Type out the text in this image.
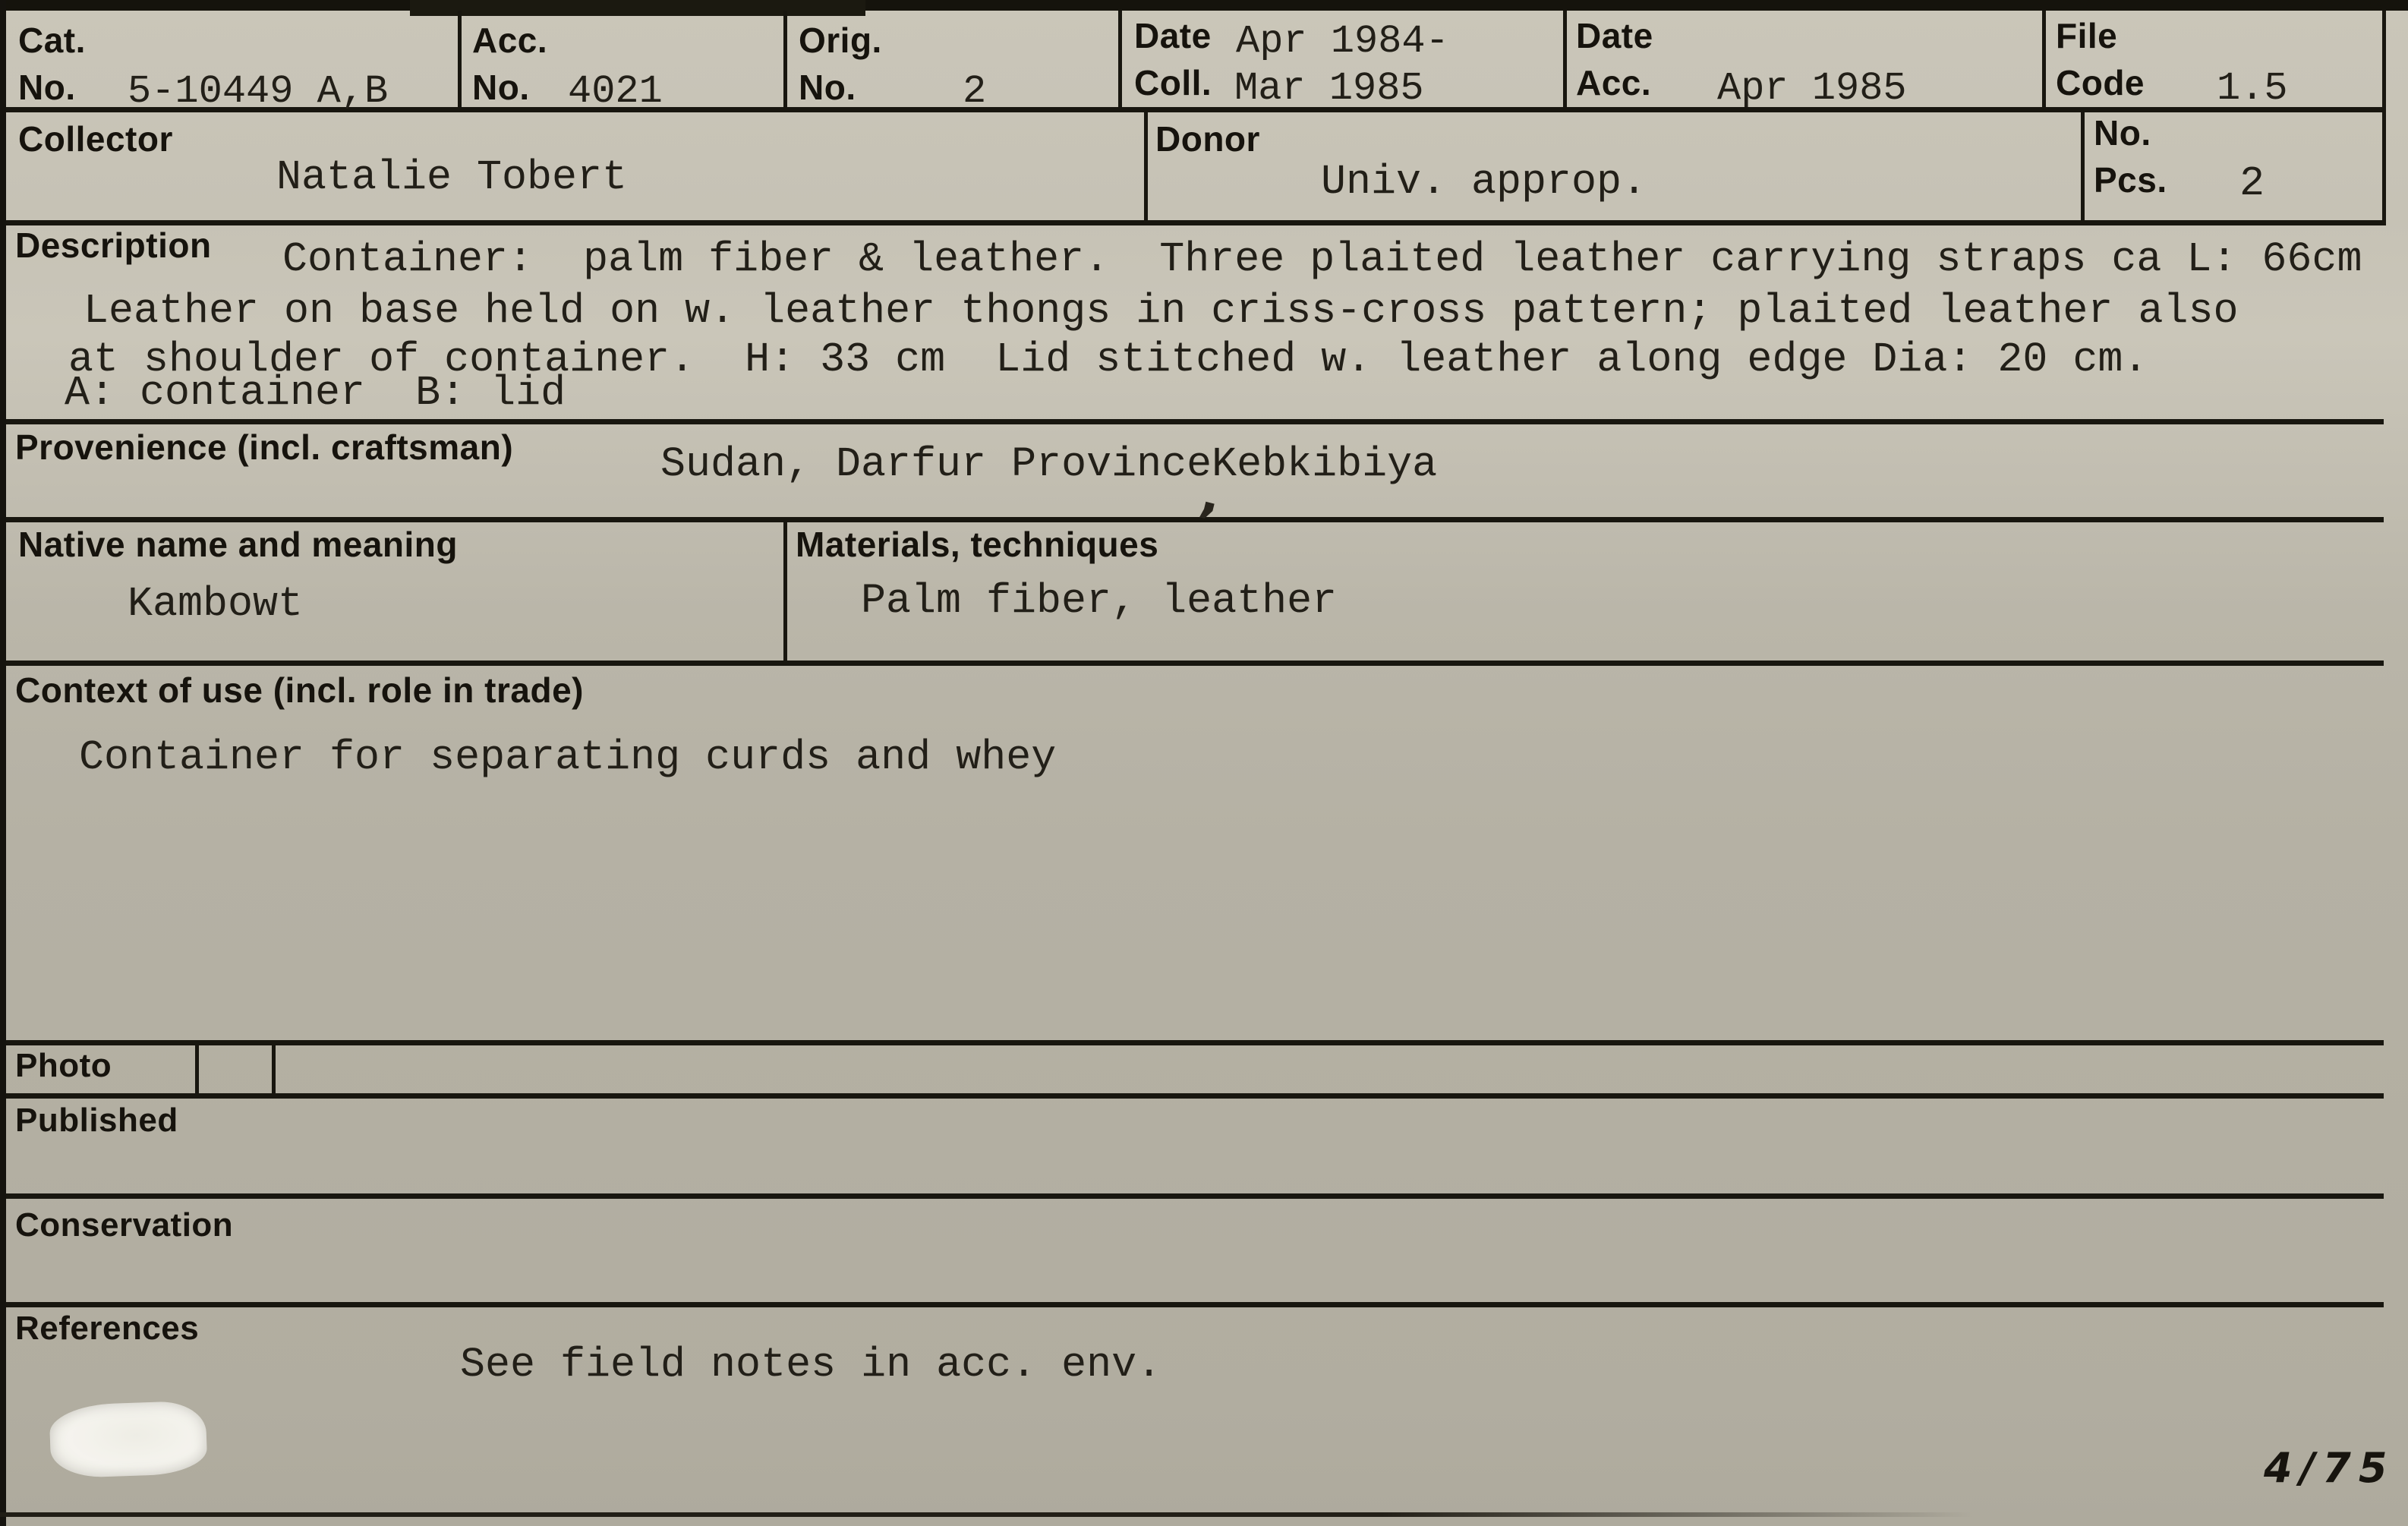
Cat.
No. 5-10449 A,B
Acc.
No. 4021
Orig.
No.	2
Date Apr 1984-
Coll. Mar 1985
Date
Acc. Apr 1985
File
Code 1.5
Collector
Natalie Tobert
Donor
Univ. approp.
No.
Pcs. 2
Description Container:  palm fiber & leather.  Three plaited leather carrying straps ca L: 66cm
Leather on base held on w. leather thongs in criss-cross pattern; plaited leather also
at shoulder of container.  H: 33 cm  Lid stitched w. leather along edge Dia: 20 cm.
A: container  B: lid
Provenience (incl. craftsman)	Sudan, Darfur ProvinceKebkibiya
,
Native name and meaning
Kambowt
Materials, techniques
Palm fiber, leather
Context of use (incl. role in trade)
Container for separating curds and whey
Photo
Published
Conservation
References
See field notes in acc. env.
4/75
